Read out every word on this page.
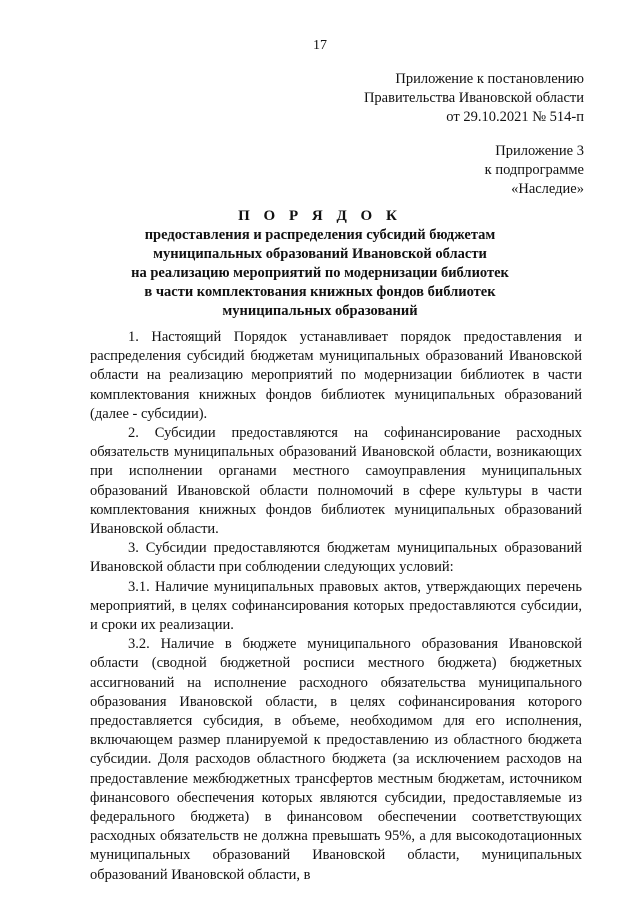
17
Приложение к постановлению
Правительства Ивановской области
от 29.10.2021 № 514-п
Приложение 3
к подпрограмме
«Наследие»
П О Р Я Д О К
предоставления и распределения субсидий бюджетам
муниципальных образований Ивановской области
на реализацию мероприятий по модернизации библиотек
в части комплектования книжных фондов библиотек
муниципальных образований

1. Настоящий Порядок устанавливает порядок предоставления и распределения субсидий бюджетам муниципальных образований Ивановской области на реализацию мероприятий по модернизации библиотек в части комплектования книжных фондов библиотек муниципальных образований (далее - субсидии).

2. Субсидии предоставляются на софинансирование расходных обязательств муниципальных образований Ивановской области, возникающих при исполнении органами местного самоуправления муниципальных образований Ивановской области полномочий в сфере культуры в части комплектования книжных фондов библиотек муниципальных образований Ивановской области.

3. Субсидии предоставляются бюджетам муниципальных образований Ивановской области при соблюдении следующих условий:

3.1. Наличие муниципальных правовых актов, утверждающих перечень мероприятий, в целях софинансирования которых предоставляются субсидии, и сроки их реализации.

3.2. Наличие в бюджете муниципального образования Ивановской области (сводной бюджетной росписи местного бюджета) бюджетных ассигнований на исполнение расходного обязательства муниципального образования Ивановской области, в целях софинансирования которого предоставляется субсидия, в объеме, необходимом для его исполнения, включающем размер планируемой к предоставлению из областного бюджета субсидии. Доля расходов областного бюджета (за исключением расходов на предоставление межбюджетных трансфертов местным бюджетам, источником финансового обеспечения которых являются субсидии, предоставляемые из федерального бюджета) в финансовом обеспечении соответствующих расходных обязательств не должна превышать 95%, а для высокодотационных муниципальных образований Ивановской области, муниципальных образований Ивановской области, в
